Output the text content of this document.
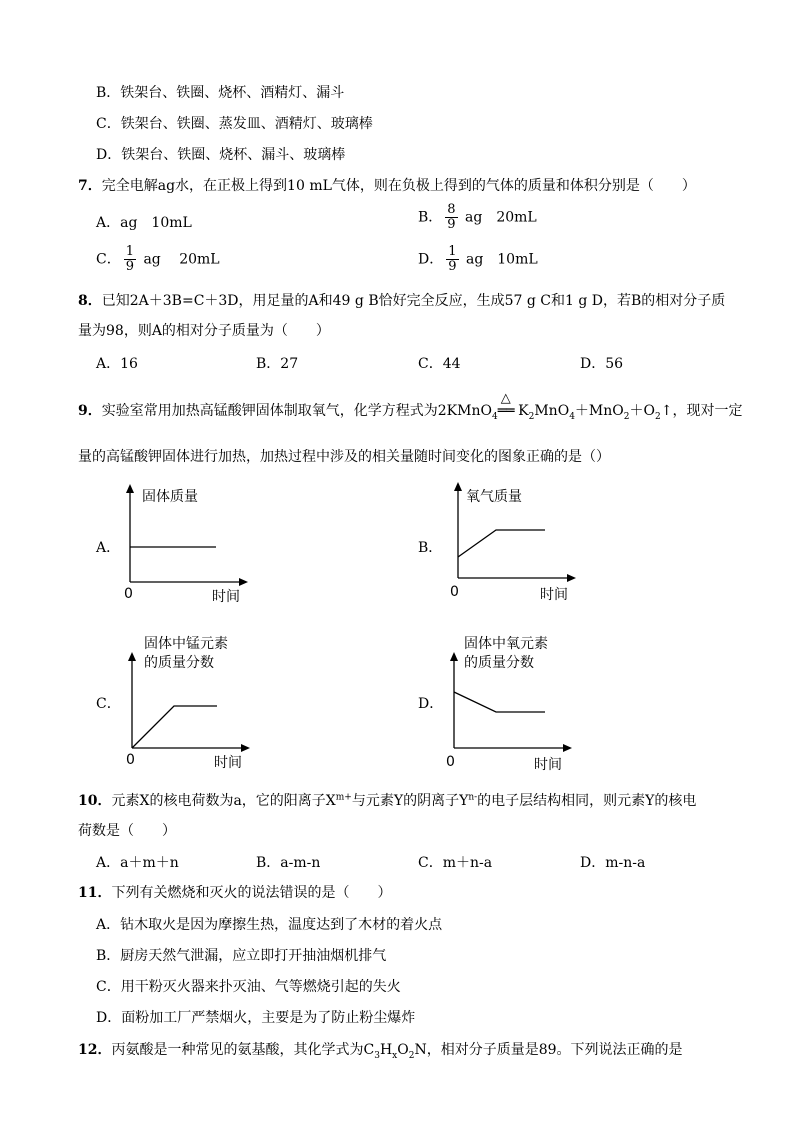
B．铁架台、铁圈、烧杯、酒精灯、漏斗
C．铁架台、铁圈、蒸发皿、酒精灯、玻璃棒
D．铁架台、铁圈、烧杯、漏斗、玻璃棒
7．完全电解ag水，在正极上得到10 mL气体，则在负极上得到的气体的质量和体积分别是（　　）
A．ag　10mL	B． $\frac{8}{9}$ ag　20mL
C． $\frac{1}{9}$ ag　 20mL	D． $\frac{1}{9}$ ag　10mL
8．已知2A＋3B=C＋3D，用足量的A和49 g B恰好完全反应，生成57 g C和1 g D，若B的相对分子质
量为98，则A的相对分子质量为（　　）
A．16	B．27	C．44	D．56
9．实验室常用加热高锰酸钾固体制取氧气，化学方程式为2KMnO$_4$
△
══ $K_2MnO_4+MnO_2+O_2↑$，现对一定
量的高锰酸钾固体进行加热，加热过程中涉及的相关量随时间变化的图象正确的是（）
A．
固体质量
0	时间
B．
氧气质量
0	时间
C．
固体中锰元素
的质量分数
0	时间
D．
固体中氧元素
的质量分数
0	时间
10．元素X的核电荷数为a，它的阳离子$X^{m+}$与元素Y的阴离子$Y^{n-}$的电子层结构相同，则元素Y的核电
荷数是（　　）
A．a＋m＋n	B．a-m-n	C．m＋n-a	D．m-n-a
11．下列有关燃烧和灭火的说法错误的是（　　）
A．钻木取火是因为摩擦生热，温度达到了木材的着火点
B．厨房天然气泄漏，应立即打开抽油烟机排气
C．用干粉灭火器来扑灭油、气等燃烧引起的失火
D．面粉加工厂严禁烟火，主要是为了防止粉尘爆炸
12．丙氨酸是一种常见的氨基酸，其化学式为$C_3H_xO_2N$，相对分子质量是89。下列说法正确的是
